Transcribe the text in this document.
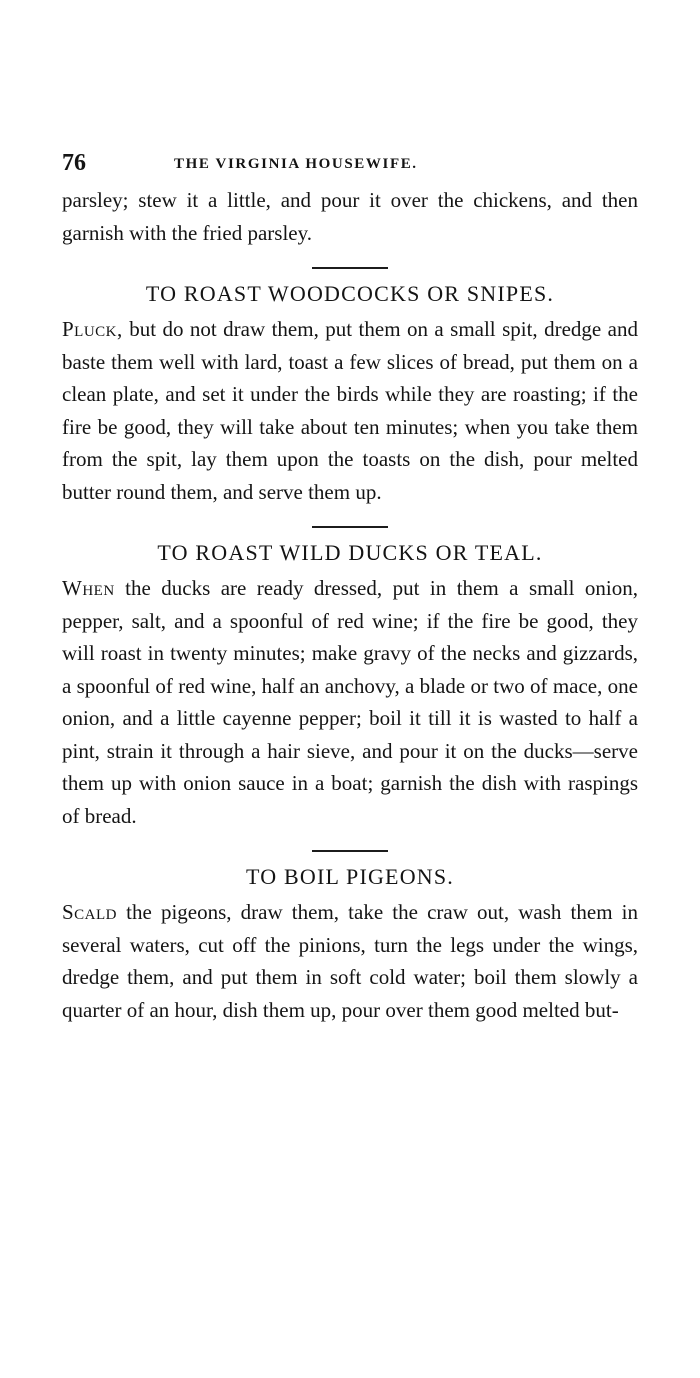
76	THE VIRGINIA HOUSEWIFE.

parsley; stew it a little, and pour it over the chickens, and then garnish with the fried parsley.

TO ROAST WOODCOCKS OR SNIPES.

Pluck, but do not draw them, put them on a small spit, dredge and baste them well with lard, toast a few slices of bread, put them on a clean plate, and set it under the birds while they are roasting; if the fire be good, they will take about ten minutes; when you take them from the spit, lay them upon the toasts on the dish, pour melted butter round them, and serve them up.

TO ROAST WILD DUCKS OR TEAL.

When the ducks are ready dressed, put in them a small onion, pepper, salt, and a spoonful of red wine; if the fire be good, they will roast in twenty minutes; make gravy of the necks and gizzards, a spoonful of red wine, half an anchovy, a blade or two of mace, one onion, and a little cayenne pepper; boil it till it is wasted to half a pint, strain it through a hair sieve, and pour it on the ducks—serve them up with onion sauce in a boat; garnish the dish with raspings of bread.

TO BOIL PIGEONS.

Scald the pigeons, draw them, take the craw out, wash them in several waters, cut off the pinions, turn the legs under the wings, dredge them, and put them in soft cold water; boil them slowly a quarter of an hour, dish them up, pour over them good melted but-
